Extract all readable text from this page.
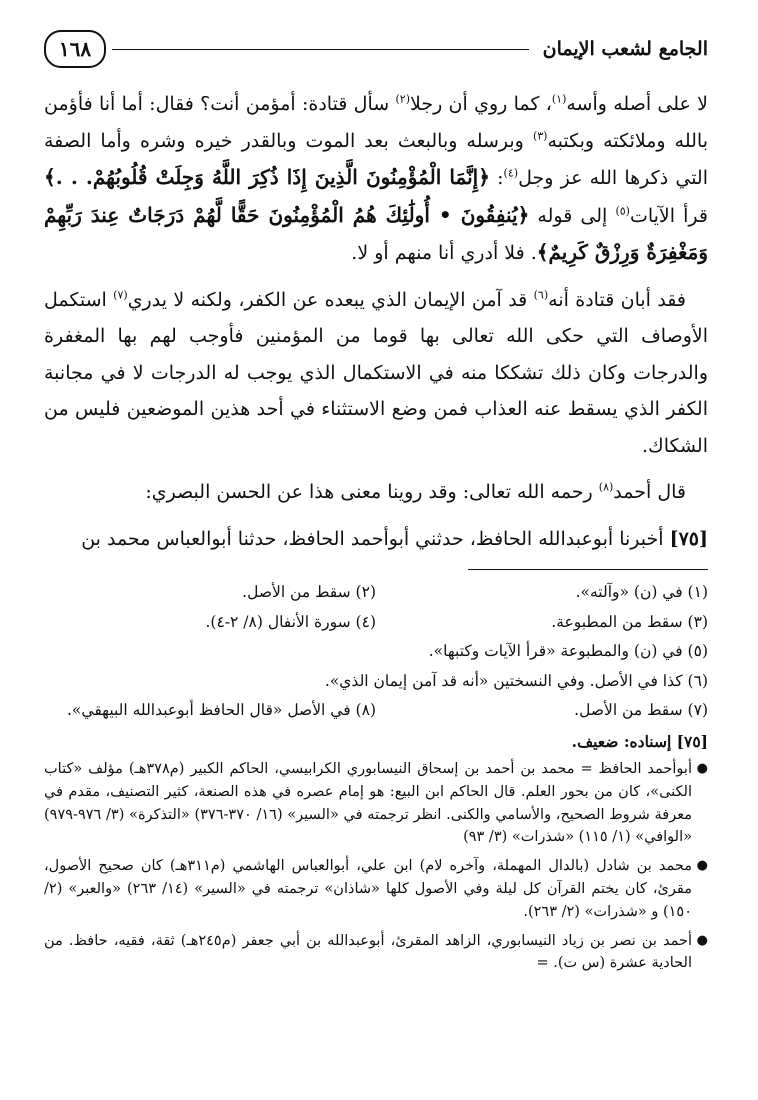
١٦٨	الجامع لشعب الإيمان

لا على أصله وأسه$^{(١)}$، كما روي أن رجلا$^{(٢)}$ سأل قتادة: أمؤمن أنت؟ فقال: أما أنا فأؤمن بالله وملائكته وبكتبه$^{(٣)}$ وبرسله وبالبعث بعد الموت وبالقدر خيره وشره وأما الصفة التي ذكرها الله عز وجل$^{(٤)}$: ﴿إِنَّمَا الْمُؤْمِنُونَ الَّذِينَ إِذَا ذُكِرَ اللَّهُ وَجِلَتْ قُلُوبُهُمْ. . .﴾ قرأ الآيات$^{(٥)}$ إلى قوله ﴿يُنفِقُونَ • أُولَٰئِكَ هُمُ الْمُؤْمِنُونَ حَقًّا لَّهُمْ دَرَجَاتٌ عِندَ رَبِّهِمْ وَمَغْفِرَةٌ وَرِزْقٌ كَرِيمٌ﴾. فلا أدري أنا منهم أو لا.

فقد أبان قتادة أنه$^{(٦)}$ قد آمن الإيمان الذي يبعده عن الكفر، ولكنه لا يدري$^{(٧)}$ استكمل الأوصاف التي حكى الله تعالى بها قوما من المؤمنين فأوجب لهم بها المغفرة والدرجات وكان ذلك تشككا منه في الاستكمال الذي يوجب له الدرجات لا في مجانبة الكفر الذي يسقط عنه العذاب فمن وضع الاستثناء في أحد هذين الموضعين فليس من الشكاك.

قال أحمد$^{(٨)}$ رحمه الله تعالى: وقد روينا معنى هذا عن الحسن البصري:

[٧٥] أخبرنا أبوعبدالله الحافظ، حدثني أبوأحمد الحافظ، حدثنا أبوالعباس محمد بن

(١) في (ن) «وآلته».
(٢) سقط من الأصل.
(٣) سقط من المطبوعة.
(٤) سورة الأنفال (٨/ ٢-٤).
(٥) في (ن) والمطبوعة «قرأ الآيات وكتبها».
(٦) كذا في الأصل. وفي النسختين «أنه قد آمن إيمان الذي».
(٧) سقط من الأصل.
(٨) في الأصل «قال الحافظ أبوعبدالله البيهقي».
[٧٥] إسناده: ضعيف.
●
أبوأحمد الحافظ = محمد بن أحمد بن إسحاق النيسابوري الكرابيسي، الحاكم الكبير (م٣٧٨هـ) مؤلف «كتاب الكنى»، كان من بحور العلم. قال الحاكم ابن البيع: هو إمام عصره في هذه الصنعة، كثير التصنيف، مقدم في معرفة شروط الصحيح، والأسامي والكنى. انظر ترجمته في «السير» (١٦/ ٣٧٠-٣٧٦) «التذكرة» (٣/ ٩٧٦-٩٧٩) «الوافي» (١/ ١١٥) «شذرات» (٣/ ٩٣)
●
محمد بن شادل (بالدال المهملة، وآخره لام) ابن علي، أبوالعباس الهاشمي (م٣١١هـ) كان صحيح الأصول، مقرئ، كان يختم القرآن كل ليلة وفي الأصول كلها «شاذان» ترجمته في «السير» (١٤/ ٢٦٣) «والعبر» (٢/ ١٥٠) و «شذرات» (٢/ ٢٦٣).
●
أحمد بن نصر بن زياد النيسابوري، الزاهد المقرئ، أبوعبدالله بن أبي جعفر (م٢٤٥هـ) ثقة، فقيه، حافظ. من الحادية عشرة (س ت). =
